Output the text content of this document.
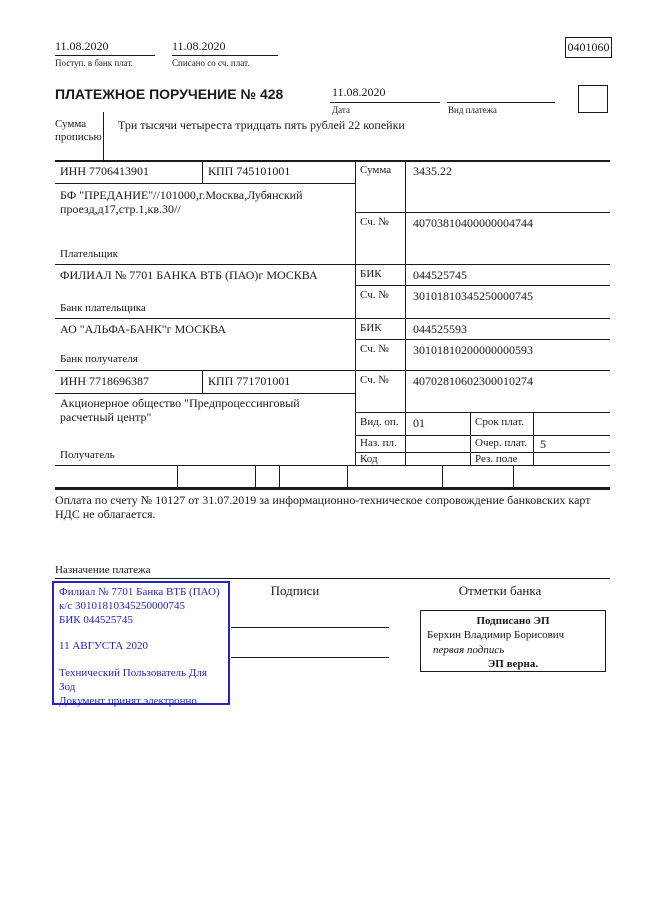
11.08.2020
Поступ. в банк плат.
11.08.2020
Списано со сч. плат.
0401060
ПЛАТЕЖНОЕ ПОРУЧЕНИЕ № 428	11.08.2020
Дата	Вид платежа
Сумма прописью
Три тысячи четыреста тридцать пять рублей 22 копейки
ИНН 7706413901	КПП 745101001	Сумма 3435.22
БФ "ПРЕДАНИЕ"//101000,г.Москва,Лубянский проезд,д17,стр.1,кв.30//
Плательщик
Сч. № 40703810400000004744
ФИЛИАЛ № 7701 БАНКА ВТБ (ПАО)г МОСКВА	БИК	044525745
Сч. № 30101810345250000745
Банк плательщика
АО "АЛЬФА-БАНК"г МОСКВА	БИК	044525593
Сч. № 30101810200000000593
Банк получателя
ИНН 7718696387	КПП 771701001	Сч. № 40702810602300010274
Акционерное общество "Предпроцессинговый расчетный центр"
Получатель
Вид. оп. 01	Срок плат.
Наз. пл.	Очер. плат. 5
Код	Рез. поле
Оплата по счету № 10127 от 31.07.2019 за информационно-техническое сопровождение банковских карт НДС не облагается.
Назначение платежа
Филиал № 7701 Банка ВТБ (ПАО)
к/с 30101810345250000745
БИК 044525745
11 АВГУСТА 2020
Технический Пользователь Для Зод
Документ принят электронно
Подписи	Отметки банка
Подписано ЭП
Берхин Владимир Борисович
первая подпись
ЭП верна.
